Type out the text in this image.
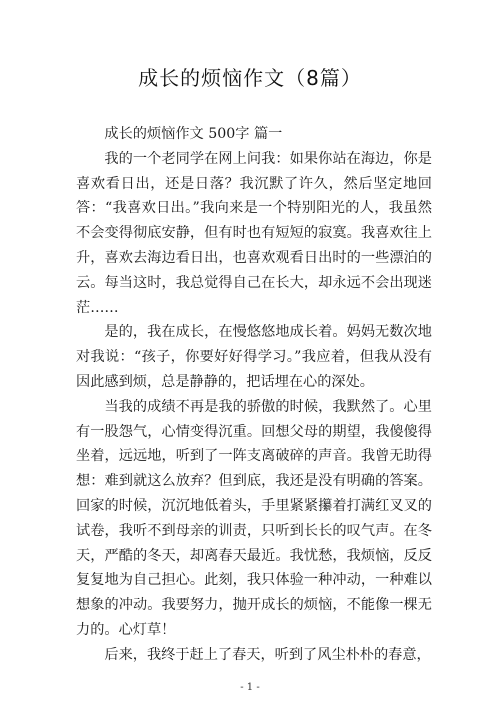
成长的烦恼作文（8篇）

成长的烦恼作文 500字 篇一

我的一个老同学在网上问我：如果你站在海边，你是喜欢看日出，还是日落？我沉默了许久，然后坚定地回答：“我喜欢日出。”我向来是一个特别阳光的人，我虽然不会变得彻底安静，但有时也有短短的寂寞。我喜欢往上升，喜欢去海边看日出，也喜欢观看日出时的一些漂泊的云。每当这时，我总觉得自己在长大，却永远不会出现迷茫……

是的，我在成长，在慢悠悠地成长着。妈妈无数次地对我说：“孩子，你要好好得学习。”我应着，但我从没有因此感到烦，总是静静的，把话埋在心的深处。

当我的成绩不再是我的骄傲的时候，我默然了。心里有一股怨气，心情变得沉重。回想父母的期望，我傻傻得坐着，远远地，听到了一阵支离破碎的声音。我曾无助得想：难到就这么放弃？但到底，我还是没有明确的答案。回家的时候，沉沉地低着头，手里紧紧攥着打满红叉叉的试卷，我听不到母亲的训责，只听到长长的叹气声。在冬天，严酷的冬天，却离春天最近。我忧愁，我烦恼，反反复复地为自己担心。此刻，我只体验一种冲动，一种难以想象的冲动。我要努力，抛开成长的烦恼，不能像一棵无力的。心灯草！

后来，我终于赶上了春天，听到了风尘朴朴的春意，

- 1 -
